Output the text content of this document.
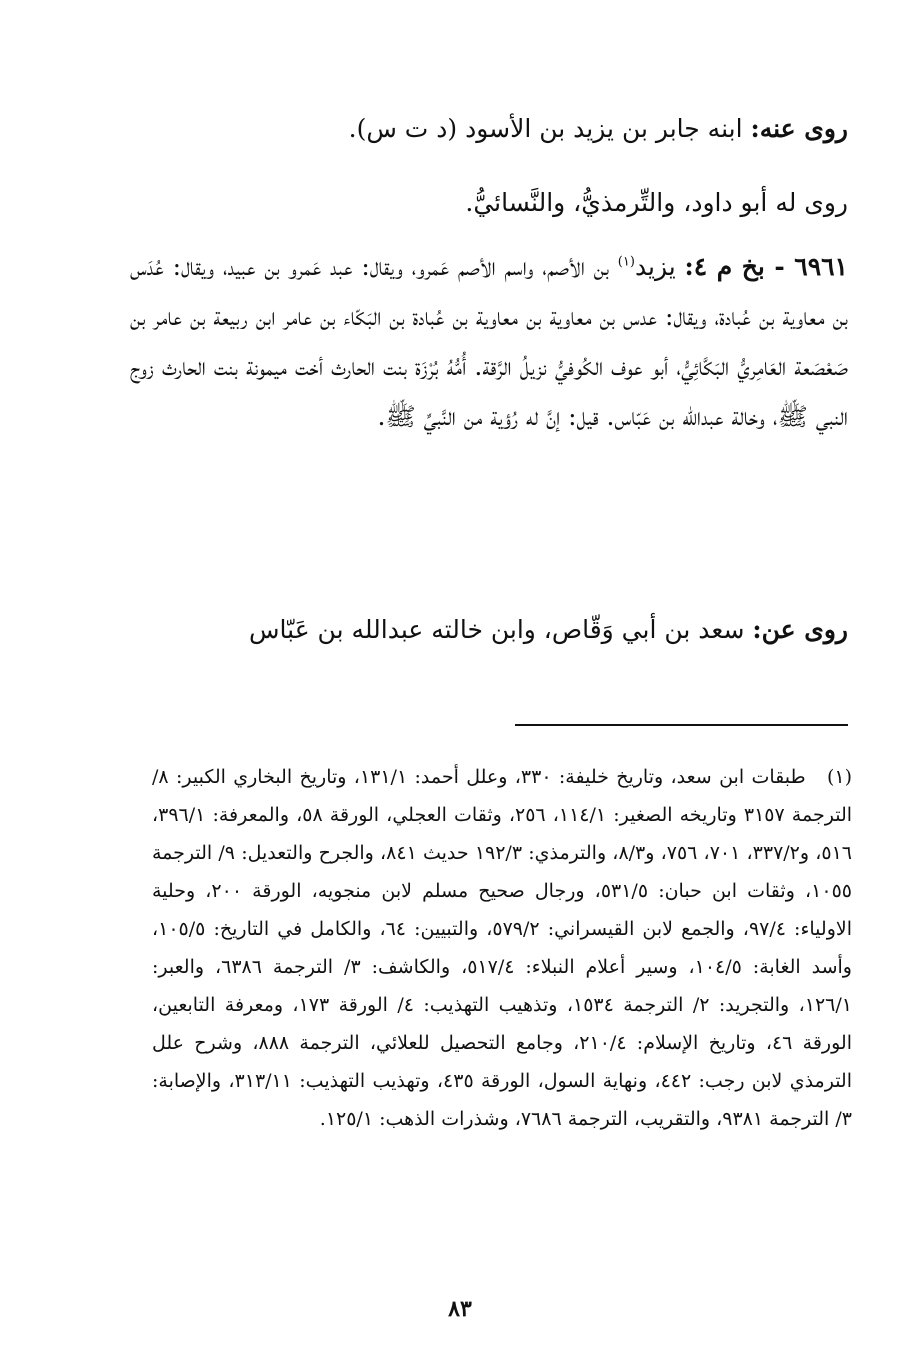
روى عنه: ابنه جابر بن يزيد بن الأسود (د ت س).

روى له أبو داود، والتِّرمذيُّ، والنَّسائيُّ.

٦٩٦١ - بخ م ٤: يزيد$^{(١)}$ بن الأصم، واسم الأصم عَمرو، ويقال: عبد عَمرو بن عبيد، ويقال: عُدَس بن معاوية بن عُبادة، ويقال: عدس بن معاوية بن معاوية بن عُبادة بن البَكّاء بن عامر ابن ربيعة بن عامر بن صَعْصَعة العَامِريُّ البَكَّائِيُّ، أبو عوف الكُوفيُّ نزيلُ الرَّقة. أُمُّهُ بُرْزَة بنت الحارث أخت ميمونة بنت الحارث زوج النبي ﷺ، وخالة عبدالله بن عَبّاس. قيل: إنَّ له رُؤية من النَّبيِّ ﷺ.

روى عن: سعد بن أبي وَقّاص، وابن خالته عبدالله بن عَبّاس

(١) طبقات ابن سعد، وتاريخ خليفة: ٣٣٠، وعلل أحمد: ١٣١/١، وتاريخ البخاري الكبير: ٨/ الترجمة ٣١٥٧ وتاريخه الصغير: ١١٤/١، ٢٥٦، وثقات العجلي، الورقة ٥٨، والمعرفة: ٣٩٦/١، ٥١٦، و٣٣٧/٢، ٧٠١، ٧٥٦، و٨/٣، والترمذي: ١٩٢/٣ حديث ٨٤١، والجرح والتعديل: ٩/ الترجمة ١٠٥٥، وثقات ابن حبان: ٥٣١/٥، ورجال صحيح مسلم لابن منجويه، الورقة ٢٠٠، وحلية الاولياء: ٩٧/٤، والجمع لابن القيسراني: ٥٧٩/٢، والتبيين: ٦٤، والكامل في التاريخ: ١٠٥/٥، وأسد الغابة: ١٠٤/٥، وسير أعلام النبلاء: ٥١٧/٤، والكاشف: ٣/ الترجمة ٦٣٨٦، والعبر: ١٢٦/١، والتجريد: ٢/ الترجمة ١٥٣٤، وتذهيب التهذيب: ٤/ الورقة ١٧٣، ومعرفة التابعين، الورقة ٤٦، وتاريخ الإسلام: ٢١٠/٤، وجامع التحصيل للعلائي، الترجمة ٨٨٨، وشرح علل الترمذي لابن رجب: ٤٤٢، ونهاية السول، الورقة ٤٣٥، وتهذيب التهذيب: ٣١٣/١١، والإصابة: ٣/ الترجمة ٩٣٨١، والتقريب، الترجمة ٧٦٨٦، وشذرات الذهب: ١٢٥/١.
٨٣
